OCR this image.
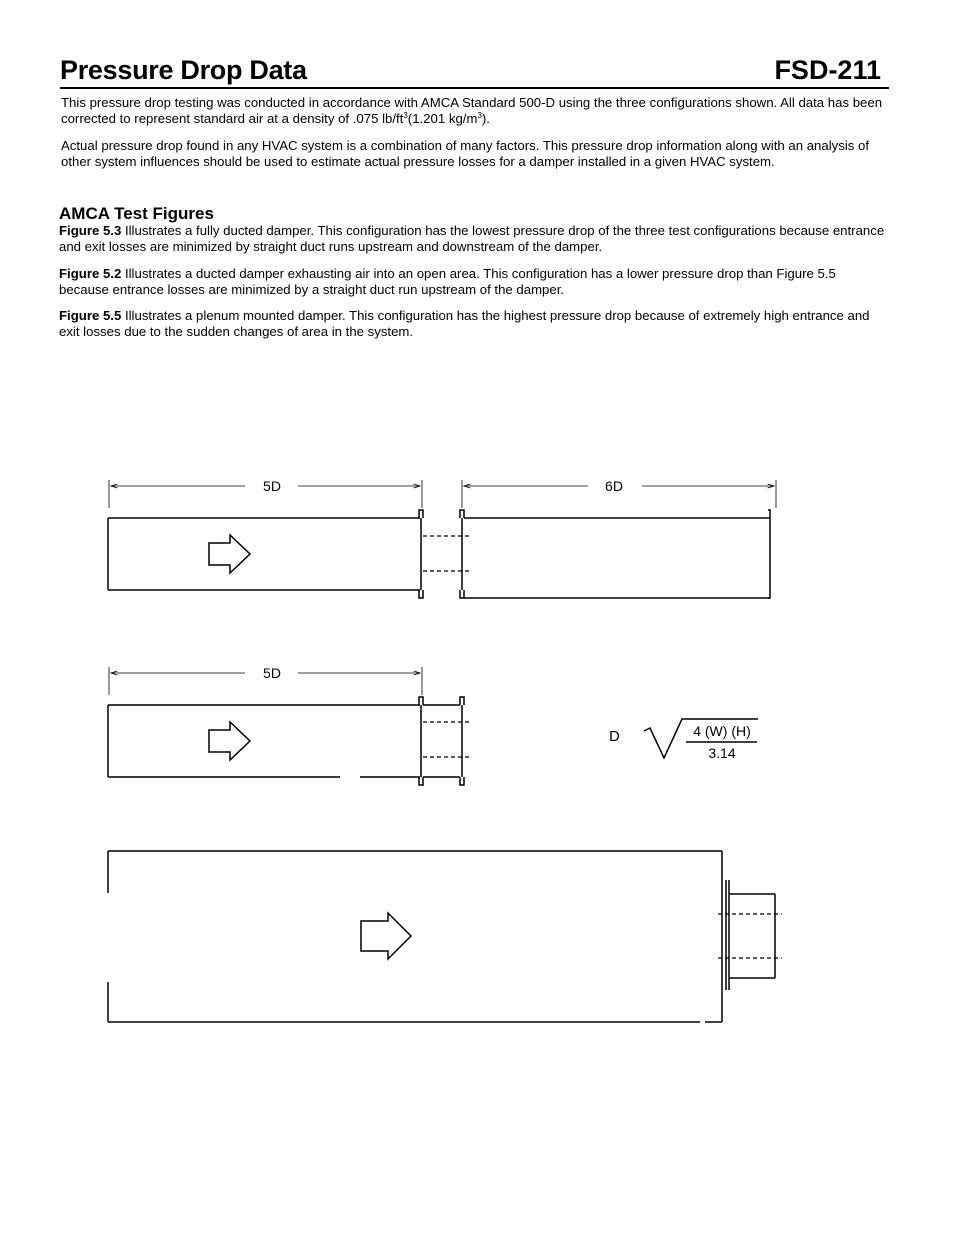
Pressure Drop Data	FSD-211

This pressure drop testing was conducted in accordance with AMCA Standard 500-D using the three configurations shown. All data has been corrected to represent standard air at a density of .075 $lb/ft^3(1.201$ $kg/m^3$).

Actual pressure drop found in any HVAC system is a combination of many factors. This pressure drop information along with an analysis of other system influences should be used to estimate actual pressure losses for a damper installed in a given HVAC system.

AMCA Test Figures

Figure 5.3 Illustrates a fully ducted damper. This configuration has the lowest pressure drop of the three test configurations because entrance and exit losses are minimized by straight duct runs upstream and downstream of the damper.

Figure 5.2 Illustrates a ducted damper exhausting air into an open area. This configuration has a lower pressure drop than Figure 5.5 because entrance losses are minimized by a straight duct run upstream of the damper.

Figure 5.5 Illustrates a plenum mounted damper. This configuration has the highest pressure drop because of extremely high entrance and exit losses due to the sudden changes of area in the system.

5D	6D
5D
D	4 (W) (H)
3.14
